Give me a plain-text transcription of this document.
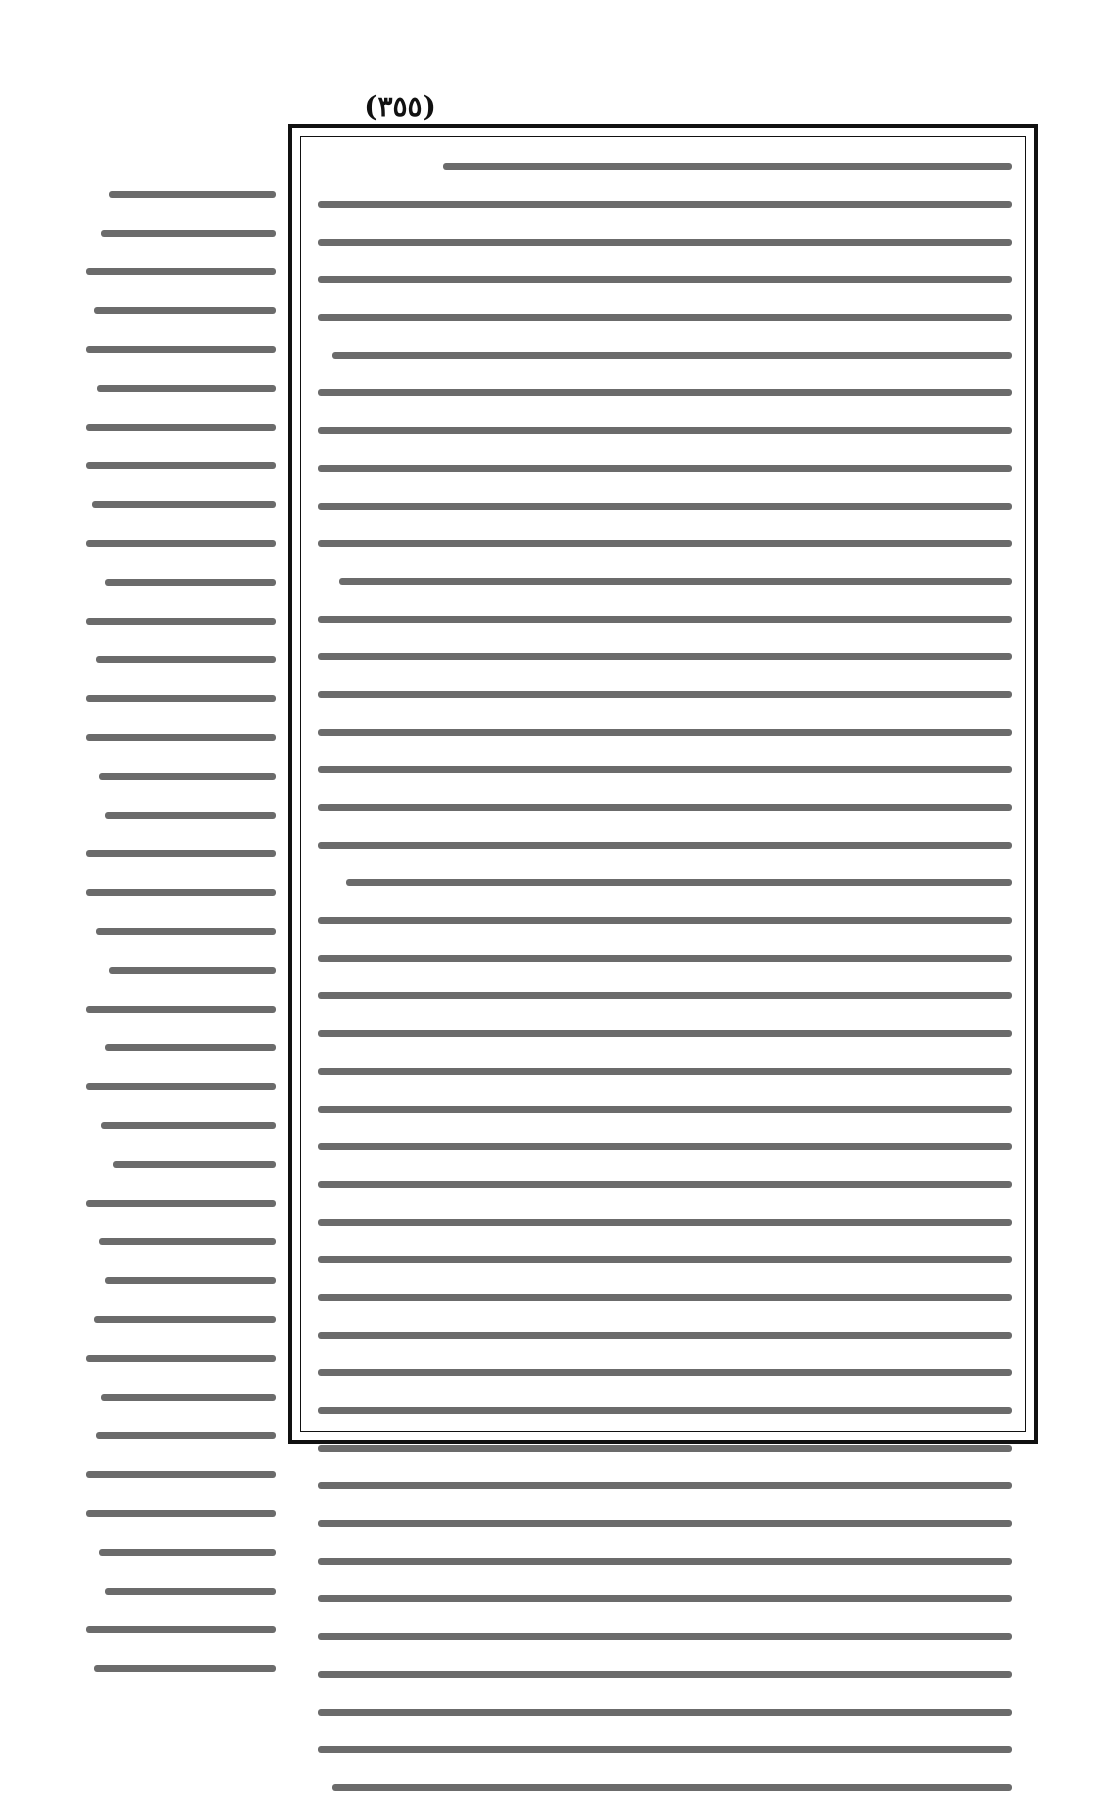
(٣٥٥)
